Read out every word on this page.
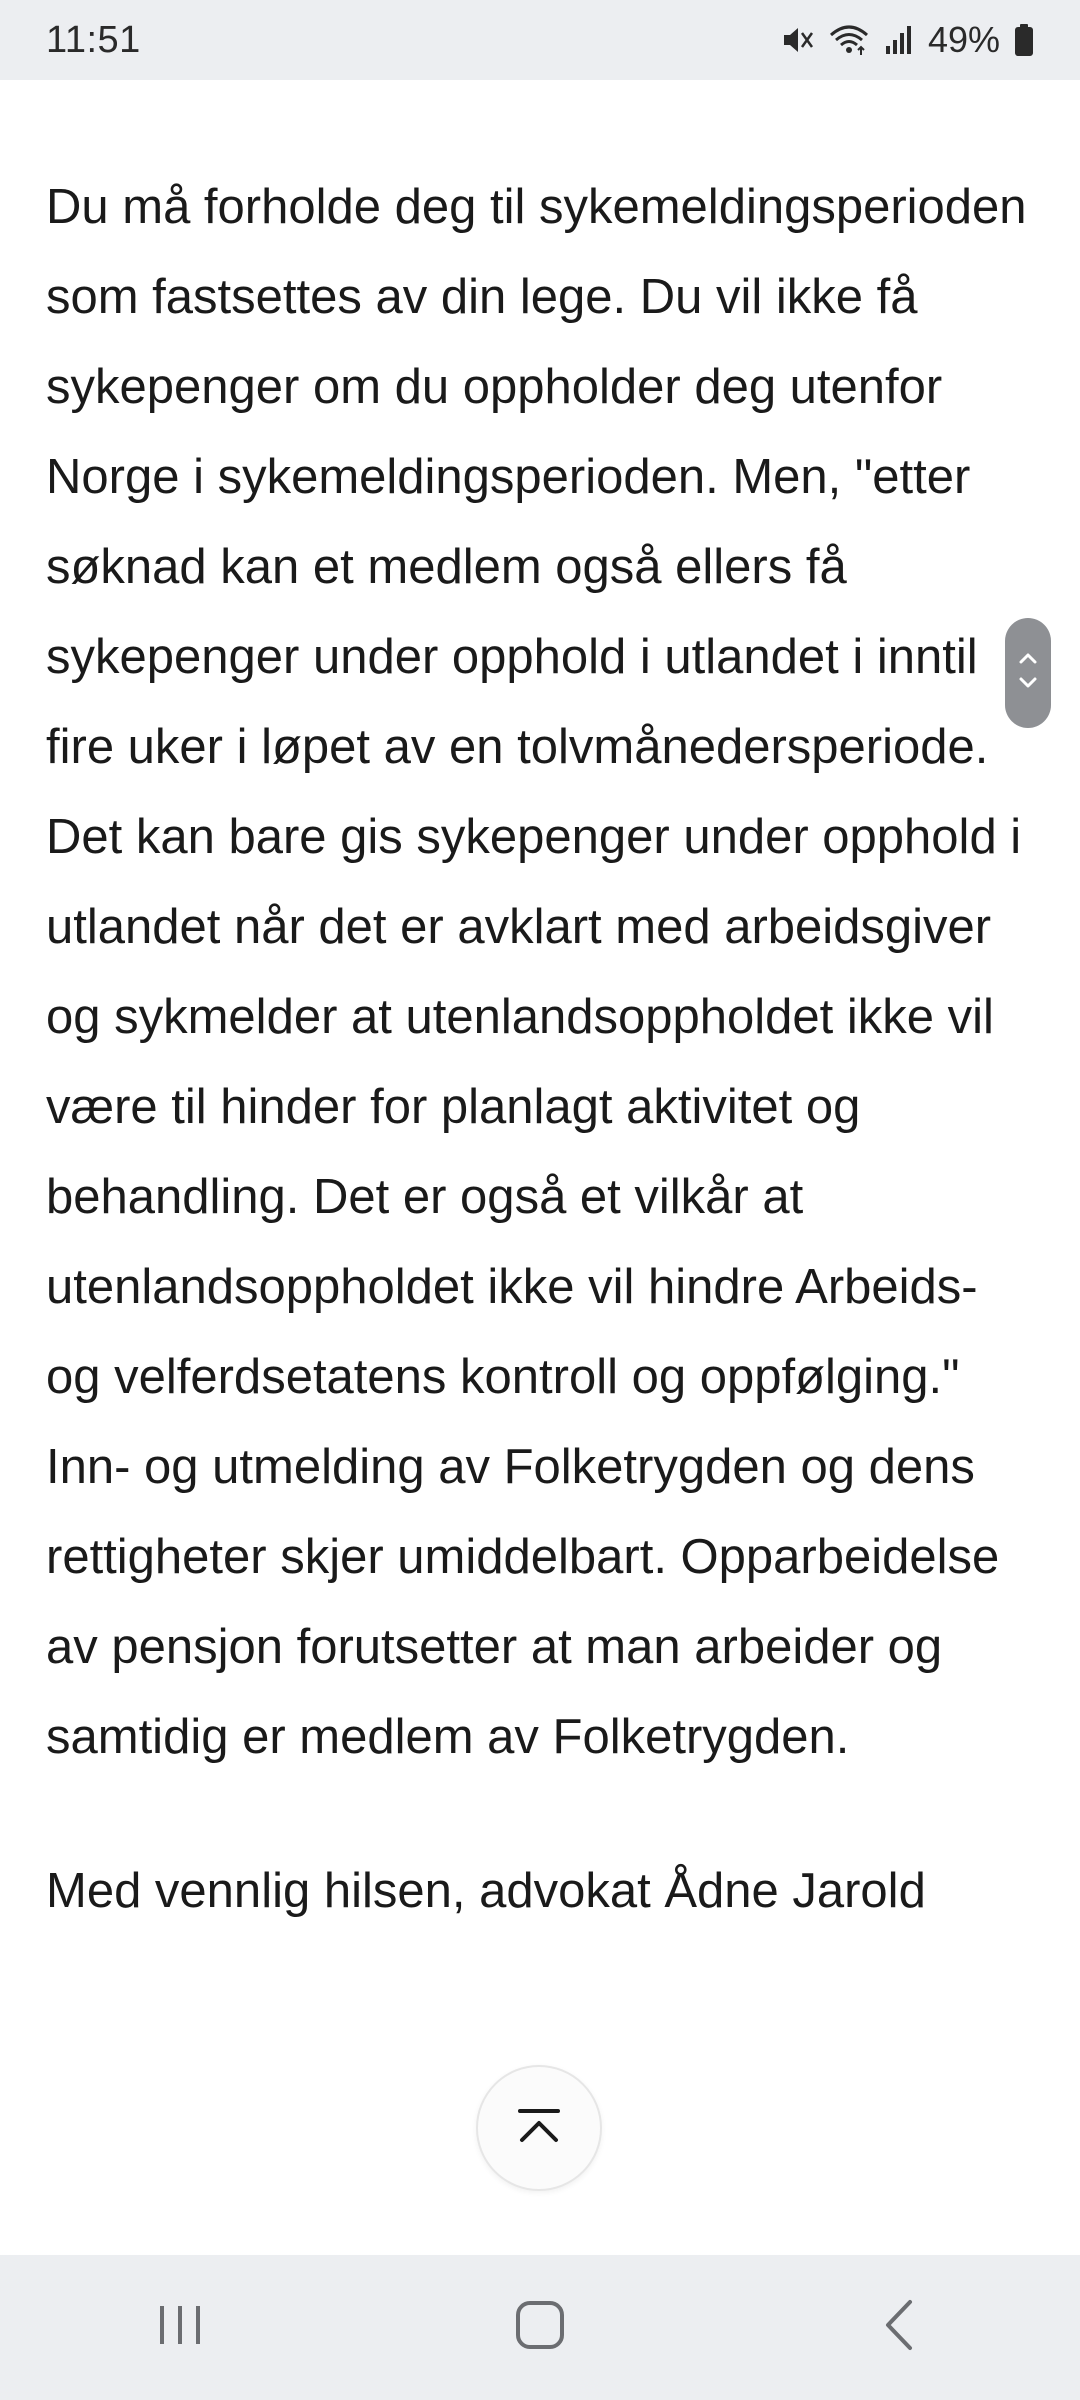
11:51	49%

Du må forholde deg til sykemeldingsperioden som fastsettes av din lege. Du vil ikke få sykepenger om du oppholder deg utenfor Norge i sykemeldingsperioden. Men, "etter søknad kan et medlem også ellers få sykepenger under opphold i utlandet i inntil fire uker i løpet av en tolvmånedersperiode. Det kan bare gis sykepenger under opphold i utlandet når det er avklart med arbeidsgiver og sykmelder at utenlandsoppholdet ikke vil være til hinder for planlagt aktivitet og behandling. Det er også et vilkår at utenlandsoppholdet ikke vil hindre Arbeids- og velferdsetatens kontroll og oppfølging."

Inn- og utmelding av Folketrygden og dens rettigheter skjer umiddelbart. Opparbeidelse av pensjon forutsetter at man arbeider og samtidig er medlem av Folketrygden.

Med vennlig hilsen, advokat Ådne Jarold
